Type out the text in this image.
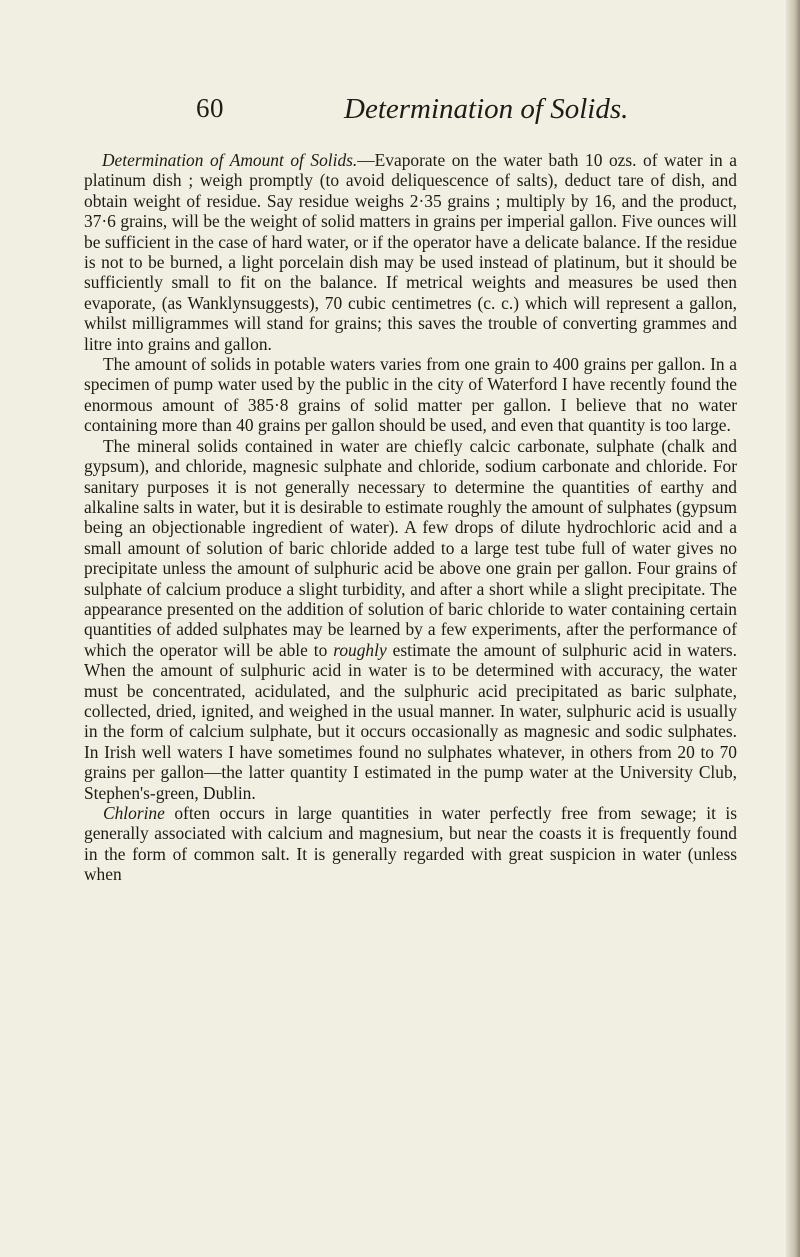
60	Determination of Solids.

Determination of Amount of Solids.—Evaporate on the water bath 10 ozs. of water in a platinum dish ; weigh promptly (to avoid deliquescence of salts), deduct tare of dish, and obtain weight of residue. Say residue weighs 2·35 grains ; multiply by 16, and the product, 37·6 grains, will be the weight of solid matters in grains per imperial gallon. Five ounces will be sufficient in the case of hard water, or if the operator have a delicate balance. If the residue is not to be burned, a light porcelain dish may be used instead of platinum, but it should be sufficiently small to fit on the balance. If metrical weights and measures be used then evaporate, (as Wanklynsuggests), 70 cubic centimetres (c. c.) which will represent a gallon, whilst milligrammes will stand for grains; this saves the trouble of converting grammes and litre into grains and gallon.

The amount of solids in potable waters varies from one grain to 400 grains per gallon. In a specimen of pump water used by the public in the city of Waterford I have recently found the enormous amount of 385·8 grains of solid matter per gallon. I believe that no water containing more than 40 grains per gallon should be used, and even that quantity is too large.

The mineral solids contained in water are chiefly calcic carbonate, sulphate (chalk and gypsum), and chloride, magnesic sulphate and chloride, sodium carbonate and chloride. For sanitary purposes it is not generally necessary to determine the quantities of earthy and alkaline salts in water, but it is desirable to estimate roughly the amount of sulphates (gypsum being an objectionable ingredient of water). A few drops of dilute hydrochloric acid and a small amount of solution of baric chloride added to a large test tube full of water gives no precipitate unless the amount of sulphuric acid be above one grain per gallon. Four grains of sulphate of calcium produce a slight turbidity, and after a short while a slight precipitate. The appearance presented on the addition of solution of baric chloride to water containing certain quantities of added sulphates may be learned by a few experiments, after the performance of which the operator will be able to roughly estimate the amount of sulphuric acid in waters. When the amount of sulphuric acid in water is to be determined with accuracy, the water must be concentrated, acidulated, and the sulphuric acid precipitated as baric sulphate, collected, dried, ignited, and weighed in the usual manner. In water, sulphuric acid is usually in the form of calcium sulphate, but it occurs occasionally as magnesic and sodic sulphates. In Irish well waters I have sometimes found no sulphates whatever, in others from 20 to 70 grains per gallon—the latter quantity I estimated in the pump water at the University Club, Stephen's-green, Dublin.

Chlorine often occurs in large quantities in water perfectly free from sewage; it is generally associated with calcium and magnesium, but near the coasts it is frequently found in the form of common salt. It is generally regarded with great suspicion in water (unless when
